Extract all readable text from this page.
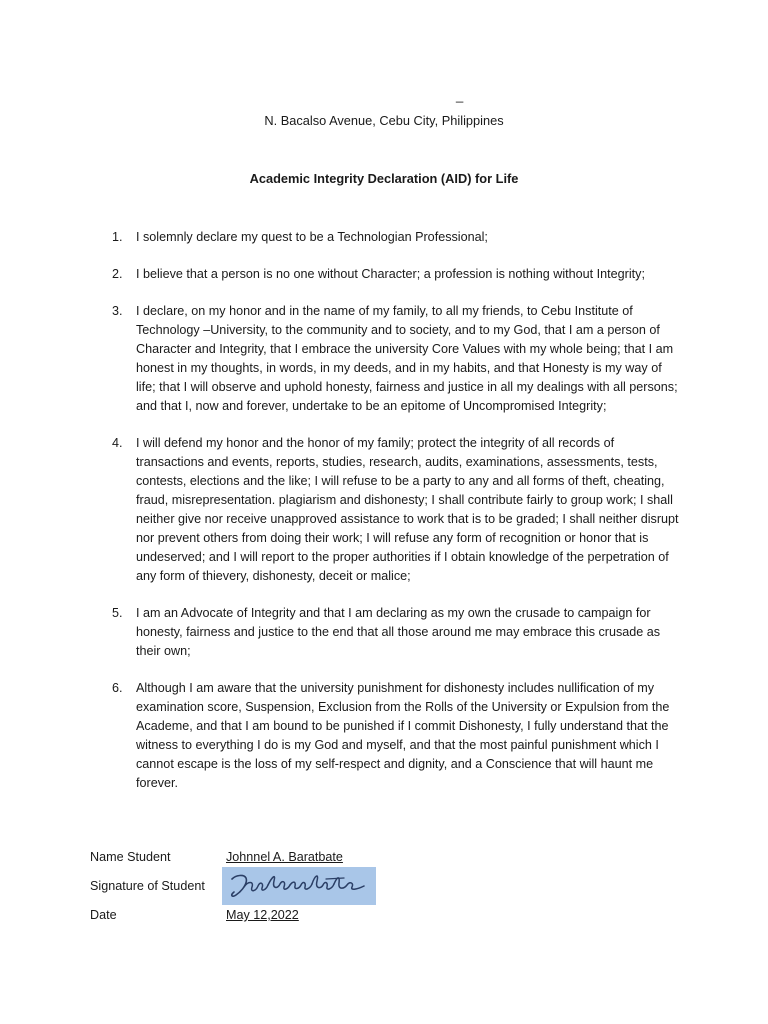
_
N. Bacalso Avenue, Cebu City, Philippines
Academic Integrity Declaration (AID) for Life
1.	I solemnly declare my quest to be a Technologian Professional;
2.	I believe that a person is no one without Character; a profession is nothing without Integrity;
3.	I declare, on my honor and in the name of my family, to all my friends, to Cebu Institute of Technology –University, to the community and to society, and to my God, that I am a person of Character and Integrity, that I embrace the university Core Values with my whole being; that I am honest in my thoughts, in words, in my deeds, and in my habits, and that Honesty is my way of life; that I will observe and uphold honesty, fairness and justice in all my dealings with all persons; and that I, now and forever, undertake to be an epitome of Uncompromised Integrity;
4.	I will defend my honor and the honor of my family; protect the integrity of all records of transactions and events, reports, studies, research, audits, examinations, assessments, tests, contests, elections and the like; I will refuse to be a party to any and all forms of theft, cheating, fraud, misrepresentation. plagiarism and dishonesty; I shall contribute fairly to group work; I shall neither give nor receive unapproved assistance to work that is to be graded; I shall neither disrupt nor prevent others from doing their work; I will refuse any form of recognition or honor that is undeserved; and I will report to the proper authorities if I obtain knowledge of the perpetration of any form of thievery, dishonesty, deceit or malice;
5.	I am an Advocate of Integrity and that I am declaring as my own the crusade to campaign for honesty, fairness and justice to the end that all those around me may embrace this crusade as their own;
6.	Although I am aware that the university punishment for dishonesty includes nullification of my examination score, Suspension, Exclusion from the Rolls of the University or Expulsion from the Academe, and that I am bound to be punished if I commit Dishonesty, I fully understand that the witness to everything I do is my God and myself, and that the most painful punishment which I cannot escape is the loss of my self-respect and dignity, and a Conscience that will haunt me forever.
Name Student	Johnnel A. Baratbate
Signature of Student
Date	May 12,2022
